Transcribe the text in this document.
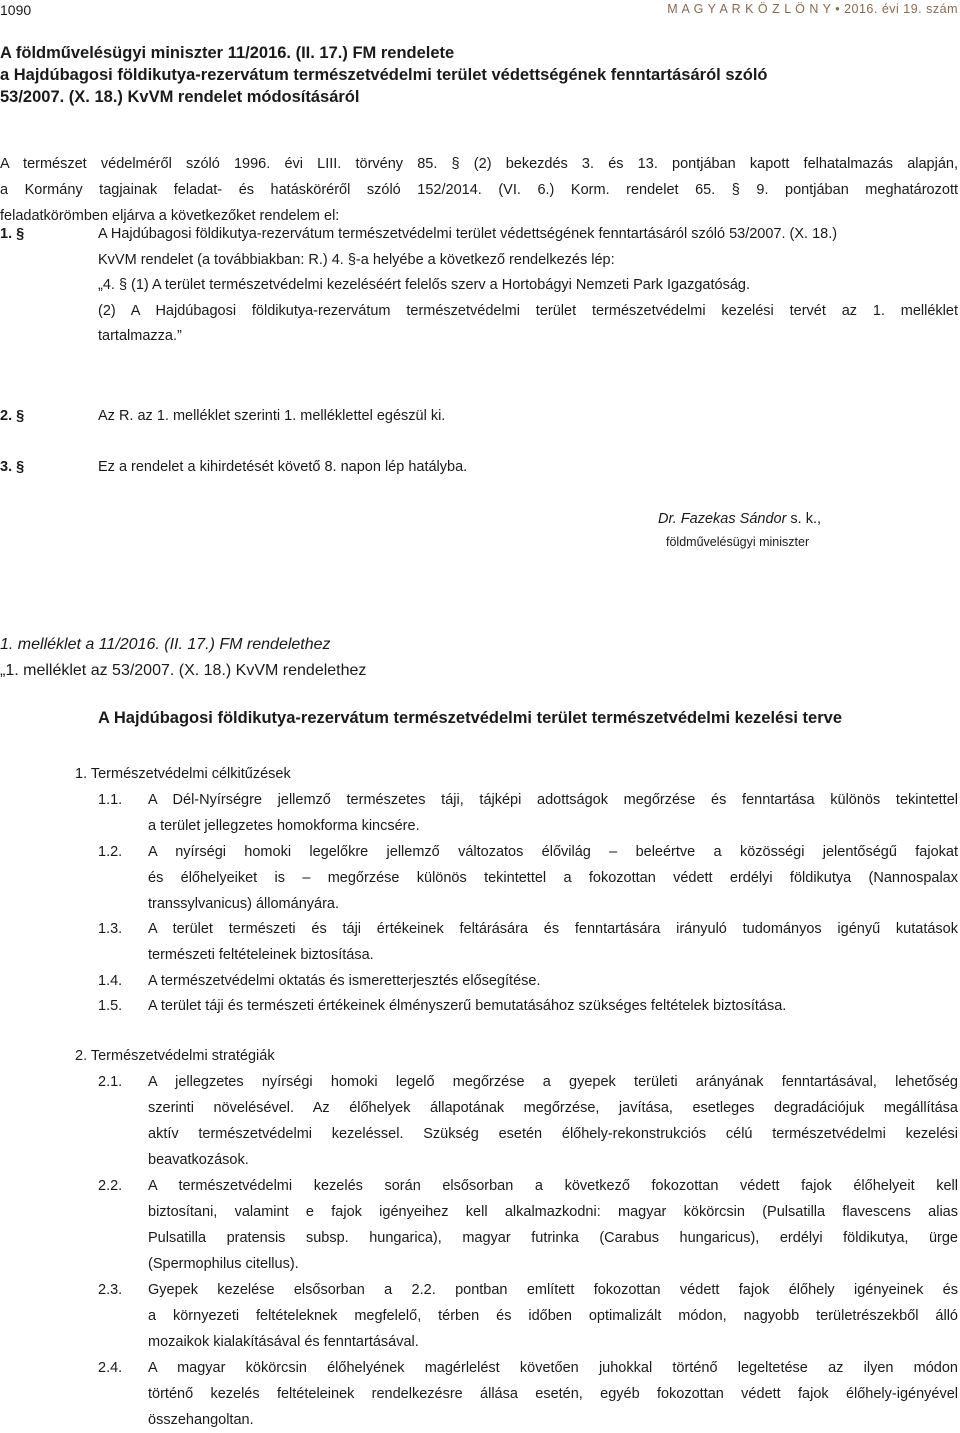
1090	M A G Y A R K Ö Z L Ö N Y • 2016. évi 19. szám
A földművelésügyi miniszter 11/2016. (II. 17.) FM rendelete
a Hajdúbagosi földikutya-rezervátum természetvédelmi terület védettségének fenntartásáról szóló
53/2007. (X. 18.) KvVM rendelet módosításáról
A természet védelméről szóló 1996. évi LIII. törvény 85. § (2) bekezdés 3. és 13. pontjában kapott felhatalmazás alapján,
a Kormány tagjainak feladat- és hatásköréről szóló 152/2014. (VI. 6.) Korm. rendelet 65. § 9. pontjában meghatározott
feladatkörömben eljárva a következőket rendelem el:
1. §	A Hajdúbagosi földikutya-rezervátum természetvédelmi terület védettségének fenntartásáról szóló 53/2007. (X. 18.)
KvVM rendelet (a továbbiakban: R.) 4. §-a helyébe a következő rendelkezés lép:
„4. § (1) A terület természetvédelmi kezeléséért felelős szerv a Hortobágyi Nemzeti Park Igazgatóság.
(2) A Hajdúbagosi földikutya-rezervátum természetvédelmi terület természetvédelmi kezelési tervét az 1. melléklet
tartalmazza.”
2. §	Az R. az 1. melléklet szerinti 1. melléklettel egészül ki.
3. §	Ez a rendelet a kihirdetését követő 8. napon lép hatályba.
Dr. Fazekas Sándor s. k.,
földművelésügyi miniszter
1. melléklet a 11/2016. (II. 17.) FM rendelethez
„1. melléklet az 53/2007. (X. 18.) KvVM rendelethez
A Hajdúbagosi földikutya-rezervátum természetvédelmi terület természetvédelmi kezelési terve
1. Természetvédelmi célkitűzések
1.1. A Dél-Nyírségre jellemző természetes táji, tájképi adottságok megőrzése és fenntartása különös tekintettel
a terület jellegzetes homokforma kincsére.
1.2. A nyírségi homoki legelőkre jellemző változatos élővilág – beleértve a közösségi jelentőségű fajokat
és élőhelyeiket is – megőrzése különös tekintettel a fokozottan védett erdélyi földikutya (Nannospalax
transsylvanicus) állományára.
1.3. A terület természeti és táji értékeinek feltárására és fenntartására irányuló tudományos igényű kutatások
természeti feltételeinek biztosítása.
1.4. A természetvédelmi oktatás és ismeretterjesztés elősegítése.
1.5. A terület táji és természeti értékeinek élményszerű bemutatásához szükséges feltételek biztosítása.
2. Természetvédelmi stratégiák
2.1. A jellegzetes nyírségi homoki legelő megőrzése a gyepek területi arányának fenntartásával, lehetőség
szerinti növelésével. Az élőhelyek állapotának megőrzése, javítása, esetleges degradációjuk megállítása
aktív természetvédelmi kezeléssel. Szükség esetén élőhely-rekonstrukciós célú természetvédelmi kezelési
beavatkozások.
2.2. A természetvédelmi kezelés során elsősorban a következő fokozottan védett fajok élőhelyeit kell
biztosítani, valamint e fajok igényeihez kell alkalmazkodni: magyar kökörcsin (Pulsatilla flavescens alias
Pulsatilla pratensis subsp. hungarica), magyar futrinka (Carabus hungaricus), erdélyi földikutya, ürge
(Spermophilus citellus).
2.3. Gyepek kezelése elsősorban a 2.2. pontban említett fokozottan védett fajok élőhely igényeinek és
a környezeti feltételeknek megfelelő, térben és időben optimalizált módon, nagyobb területrészekből álló
mozaikok kialakításával és fenntartásával.
2.4. A magyar kökörcsin élőhelyének magérlelést követően juhokkal történő legeltetése az ilyen módon
történő kezelés feltételeinek rendelkezésre állása esetén, egyéb fokozottan védett fajok élőhely-igényével
összehangoltan.
